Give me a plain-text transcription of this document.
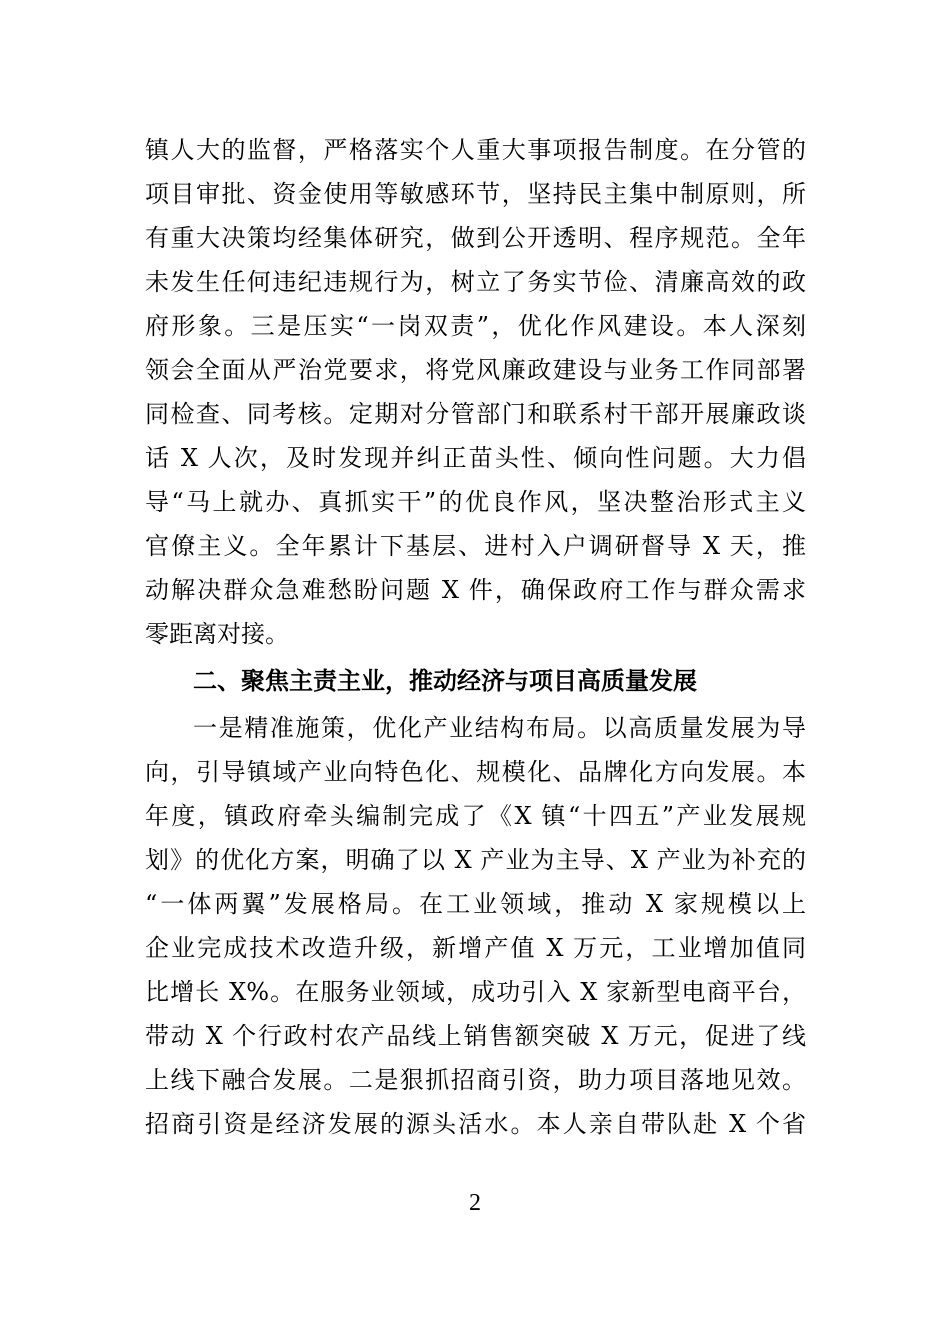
镇人大的监督，严格落实个人重大事项报告制度。在分管的
项目审批、资金使用等敏感环节，坚持民主集中制原则，所
有重大决策均经集体研究，做到公开透明、程序规范。全年
未发生任何违纪违规行为，树立了务实节俭、清廉高效的政
府形象。三是压实“一岗双责”，优化作风建设。本人深刻
领会全面从严治党要求，将党风廉政建设与业务工作同部署
同检查、同考核。定期对分管部门和联系村干部开展廉政谈
话 X 人次，及时发现并纠正苗头性、倾向性问题。大力倡
导“马上就办、真抓实干”的优良作风，坚决整治形式主义
官僚主义。全年累计下基层、进村入户调研督导 X 天，推
动解决群众急难愁盼问题 X 件，确保政府工作与群众需求
零距离对接。
二、聚焦主责主业，推动经济与项目高质量发展
一是精准施策，优化产业结构布局。以高质量发展为导
向，引导镇域产业向特色化、规模化、品牌化方向发展。本
年度，镇政府牵头编制完成了《X 镇“十四五”产业发展规
划》的优化方案，明确了以 X 产业为主导、X 产业为补充的
“一体两翼”发展格局。在工业领域，推动 X 家规模以上
企业完成技术改造升级，新增产值 X 万元，工业增加值同
比增长 X%。在服务业领域，成功引入 X 家新型电商平台，
带动 X 个行政村农产品线上销售额突破 X 万元，促进了线
上线下融合发展。二是狠抓招商引资，助力项目落地见效。
招商引资是经济发展的源头活水。本人亲自带队赴 X 个省
2
